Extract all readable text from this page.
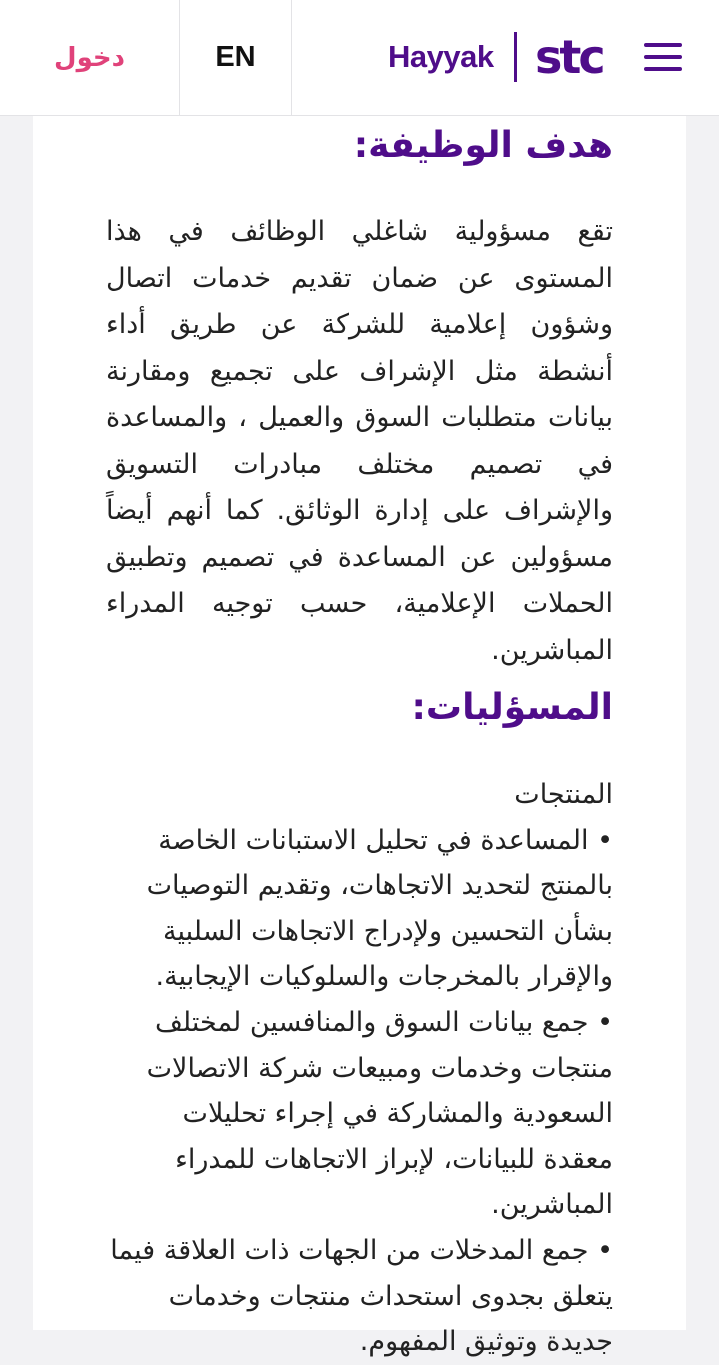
دخول	EN	Hayyak stc
هدف الوظيفة:

تقع مسؤولية شاغلي الوظائف في هذا المستوى عن ضمان تقديم خدمات اتصال وشؤون إعلامية للشركة عن طريق أداء أنشطة مثل الإشراف على تجميع ومقارنة بيانات متطلبات السوق والعميل ، والمساعدة في تصميم مختلف مبادرات التسويق والإشراف على إدارة الوثائق. كما أنهم أيضاً مسؤولين عن المساعدة في تصميم وتطبيق الحملات الإعلامية، حسب توجيه المدراء المباشرين.

المسؤليات:

المنتجات

• المساعدة في تحليل الاستبانات الخاصة بالمنتج لتحديد الاتجاهات، وتقديم التوصيات بشأن التحسين ولإدراج الاتجاهات السلبية والإقرار بالمخرجات والسلوكيات الإيجابية.

• جمع بيانات السوق والمنافسين لمختلف منتجات وخدمات ومبيعات شركة الاتصالات السعودية والمشاركة في إجراء تحليلات معقدة للبيانات، لإبراز الاتجاهات للمدراء المباشرين.

• جمع المدخلات من الجهات ذات العلاقة فيما يتعلق بجدوى استحداث منتجات وخدمات جديدة وتوثيق المفهوم.
